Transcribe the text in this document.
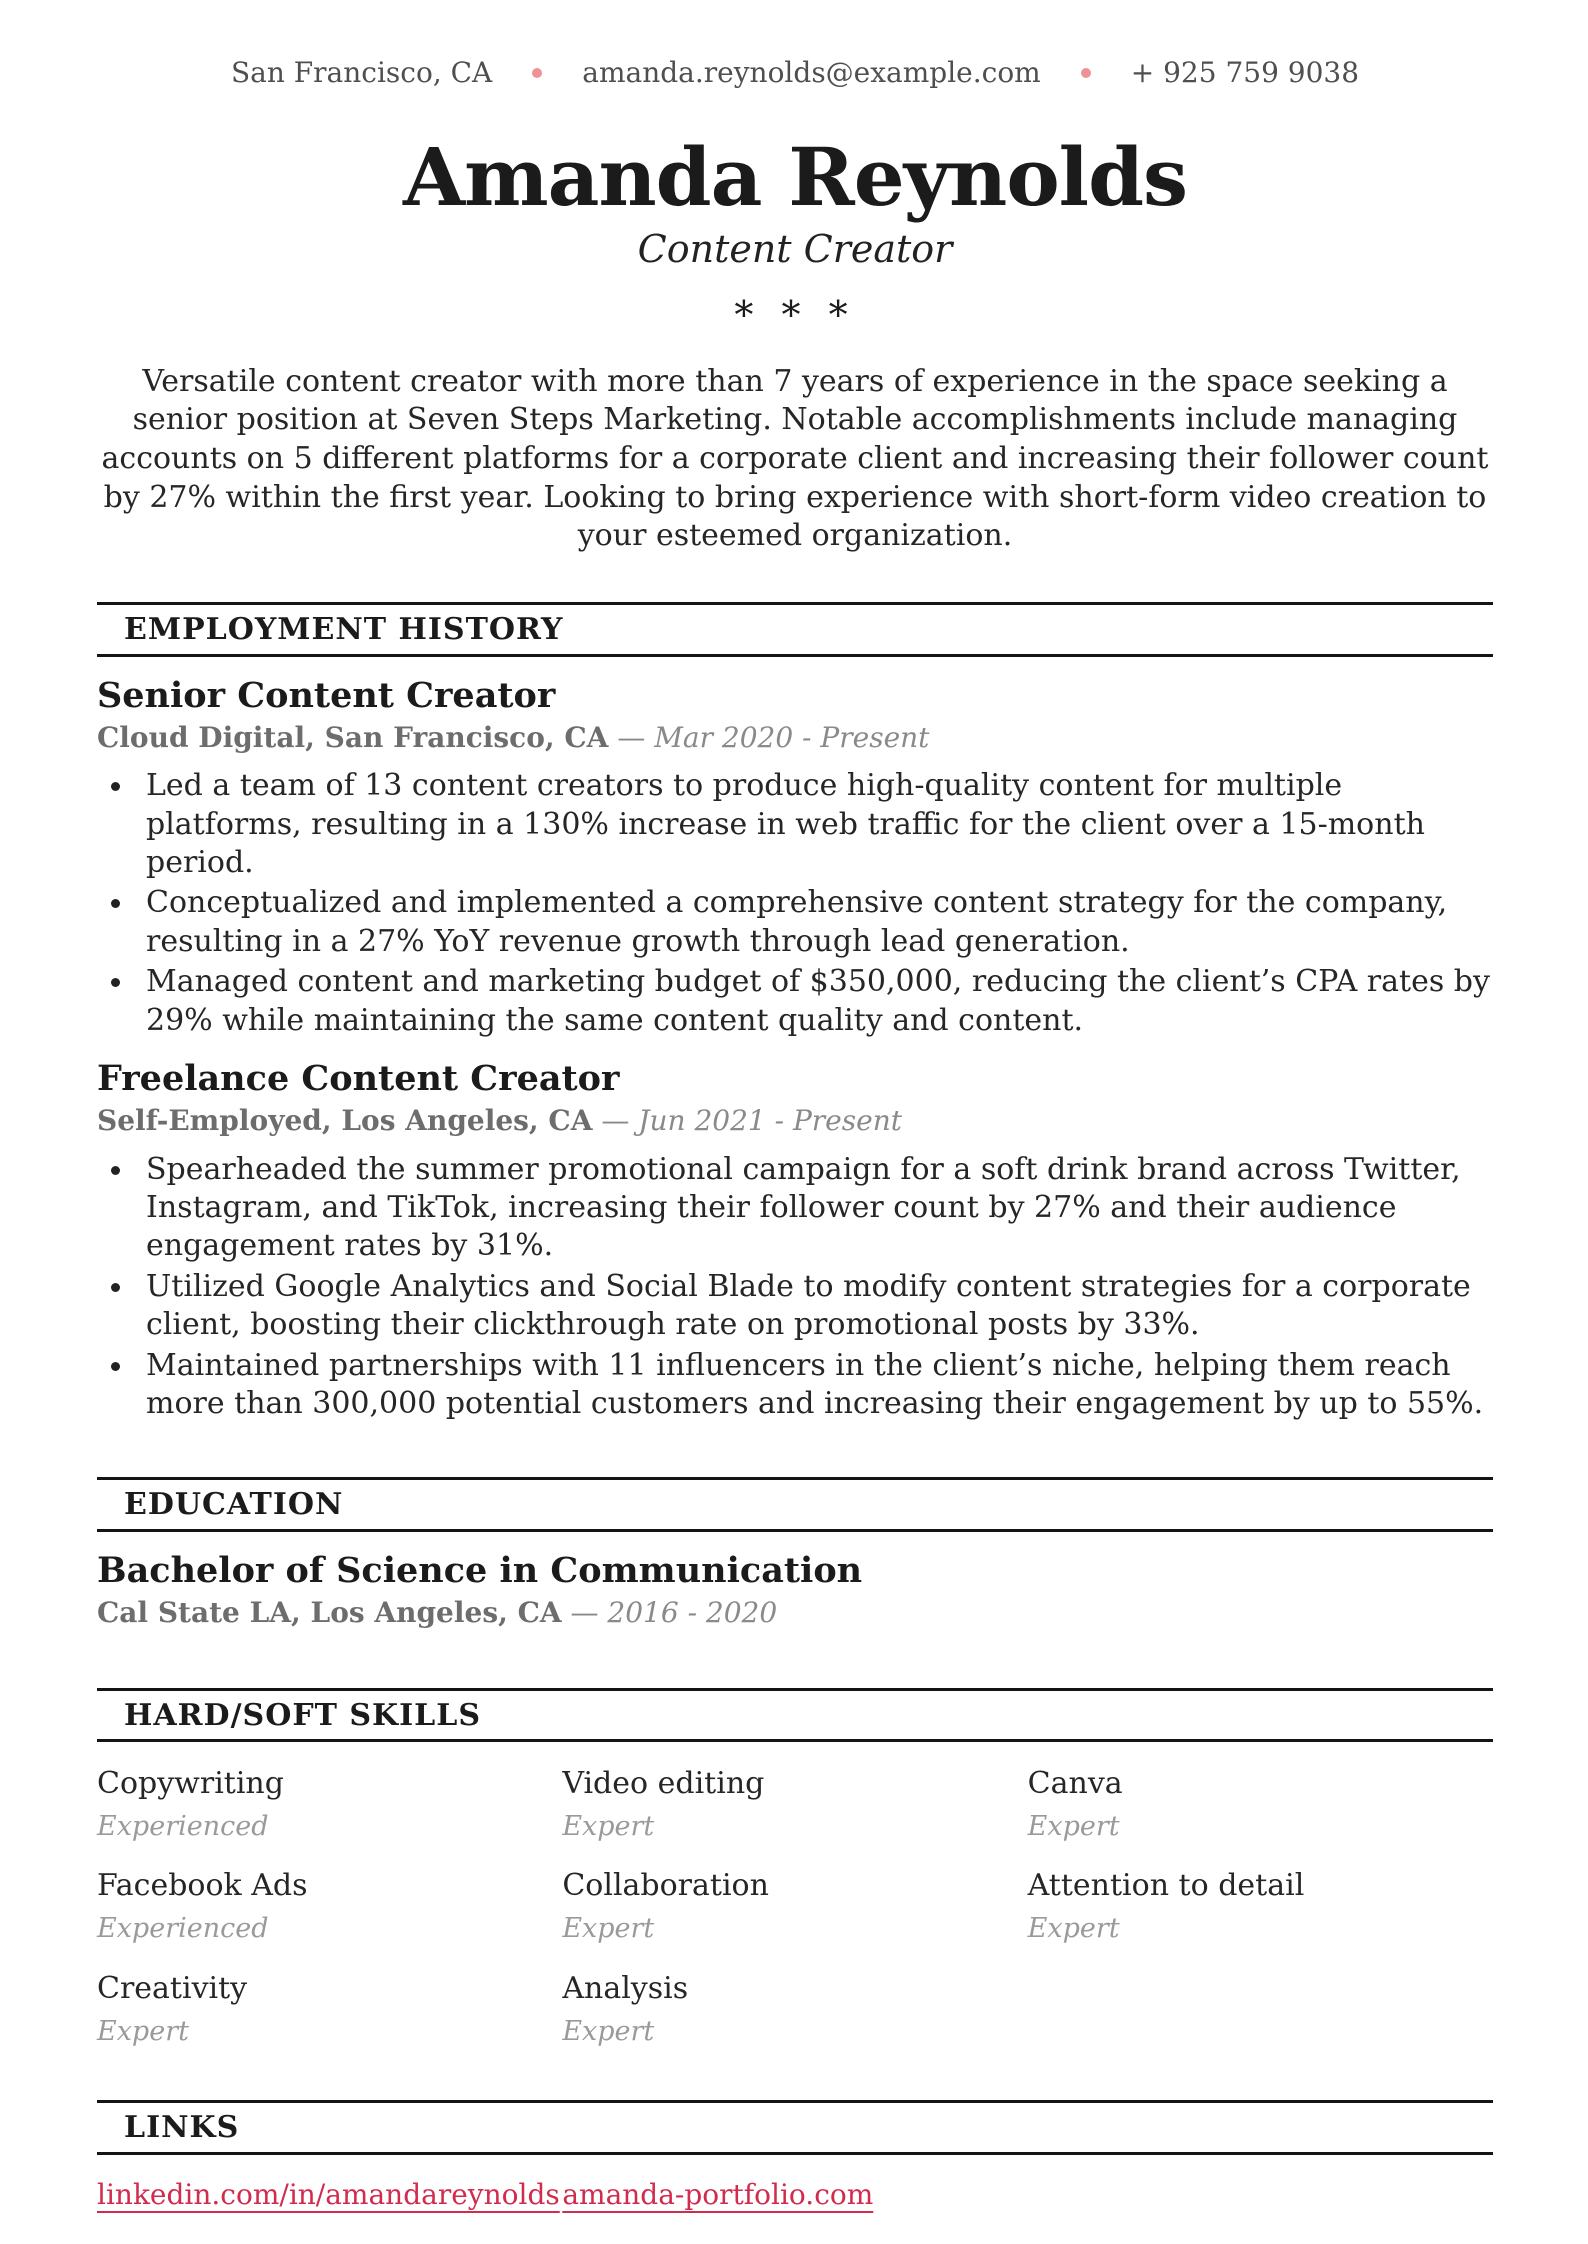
San Francisco, CA	amanda.reynolds@example.com	+ 925 759 9038
Amanda Reynolds
Content Creator
* * *

Versatile content creator with more than 7 years of experience in the space seeking a senior position at Seven Steps Marketing. Notable accomplishments include managing accounts on 5 different platforms for a corporate client and increasing their follower count by 27% within the first year. Looking to bring experience with short-form video creation to your esteemed organization.

EMPLOYMENT HISTORY
Senior Content Creator
Cloud Digital, San Francisco, CA — Mar 2020 - Present
Led a team of 13 content creators to produce high-quality content for multiple platforms, resulting in a 130% increase in web traffic for the client over a 15-month period.
Conceptualized and implemented a comprehensive content strategy for the company, resulting in a 27% YoY revenue growth through lead generation.
Managed content and marketing budget of $350,000, reducing the client’s CPA rates by 29% while maintaining the same content quality and content.
Freelance Content Creator
Self-Employed, Los Angeles, CA — Jun 2021 - Present
Spearheaded the summer promotional campaign for a soft drink brand across Twitter, Instagram, and TikTok, increasing their follower count by 27% and their audience engagement rates by 31%.
Utilized Google Analytics and Social Blade to modify content strategies for a corporate client, boosting their clickthrough rate on promotional posts by 33%.
Maintained partnerships with 11 influencers in the client’s niche, helping them reach more than 300,000 potential customers and increasing their engagement by up to 55%.
EDUCATION
Bachelor of Science in Communication
Cal State LA, Los Angeles, CA — 2016 - 2020
HARD/SOFT SKILLS
Copywriting
Experienced
Video editing
Expert
Canva
Expert
Facebook Ads
Experienced
Collaboration
Expert
Attention to detail
Expert
Creativity
Expert
Analysis
Expert
LINKS
linkedin.com/in/amandareynolds amanda-portfolio.com
